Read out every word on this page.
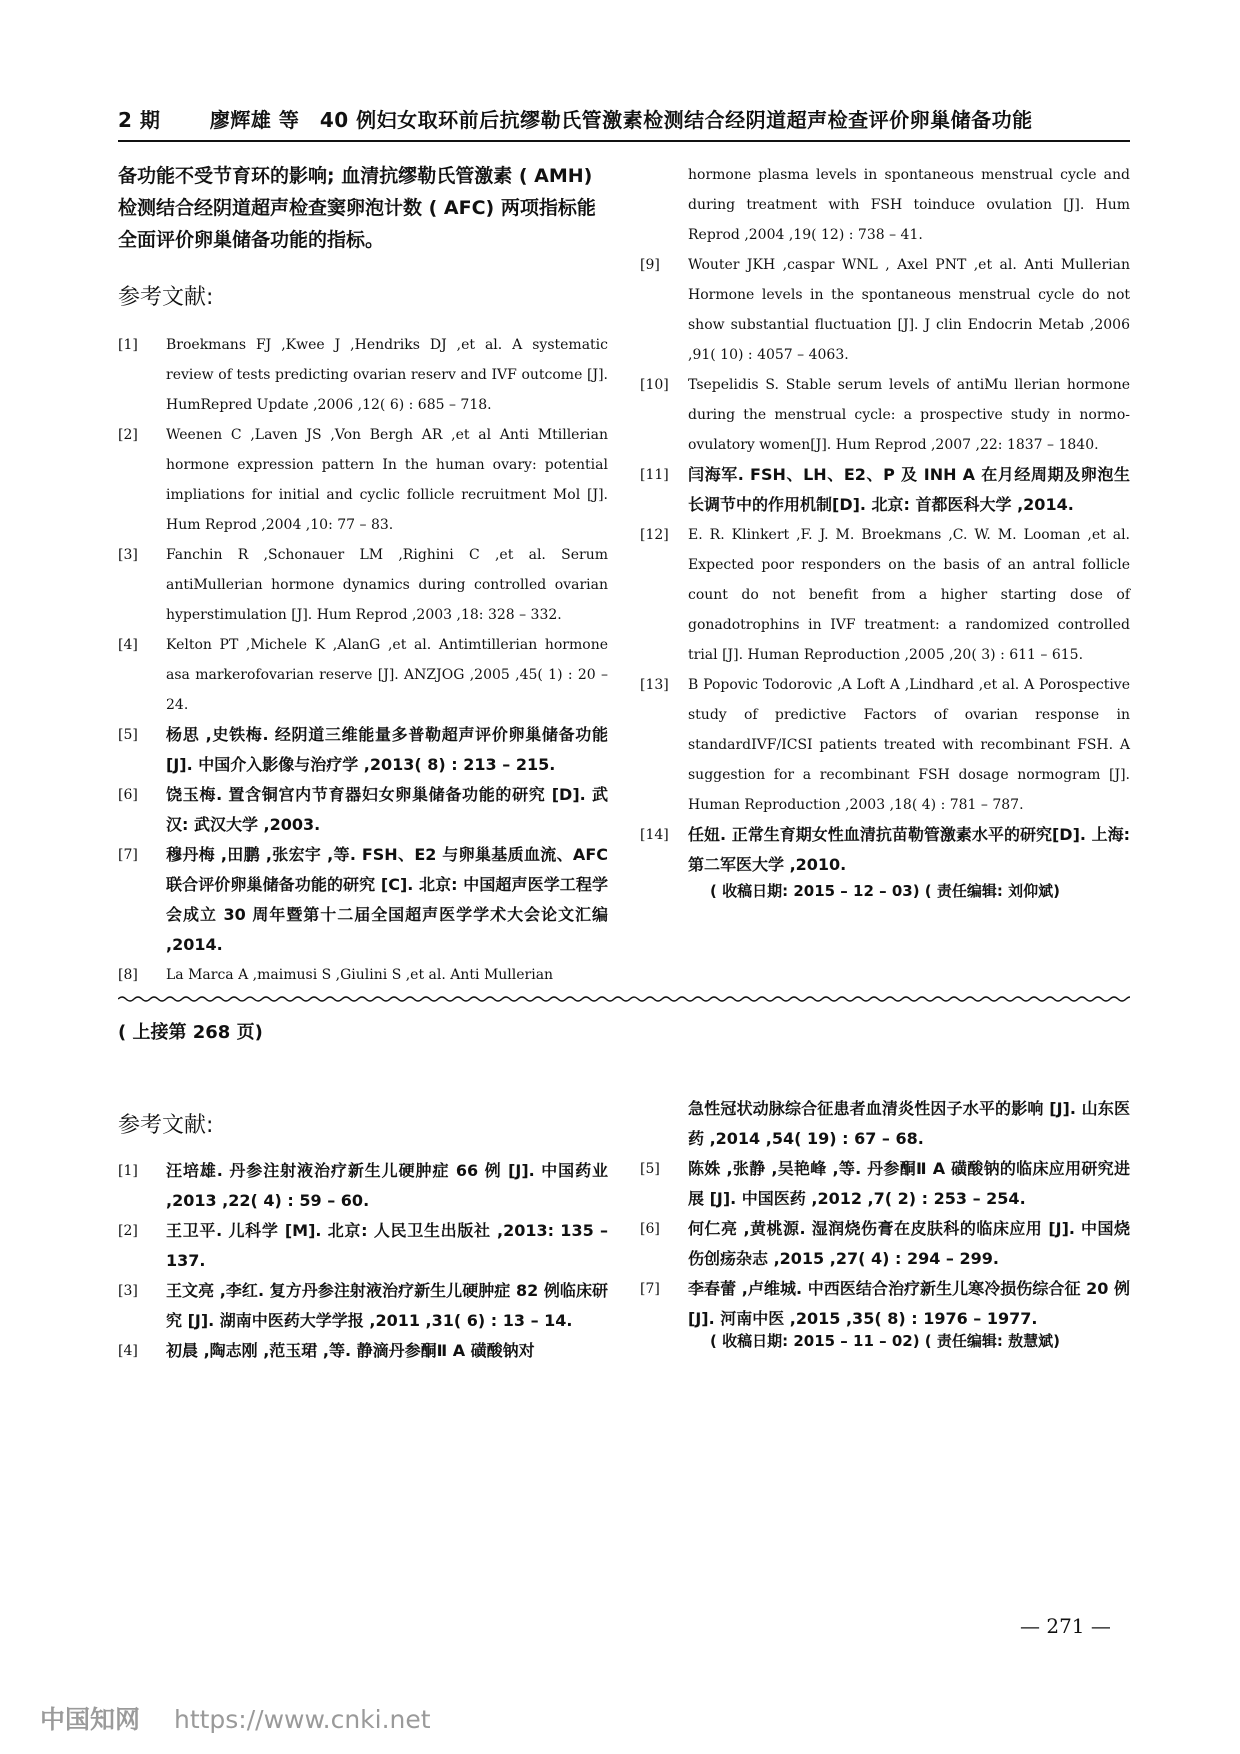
2 期 廖辉雄 等　40 例妇女取环前后抗缪勒氏管激素检测结合经阴道超声检查评价卵巢储备功能
备功能不受节育环的影响; 血清抗缪勒氏管激素 ( AMH) 检测结合经阴道超声检查窦卵泡计数 ( AFC) 两项指标能全面评价卵巢储备功能的指标。
参考文献:
[1]	Broekmans FJ ,Kwee J ,Hendriks DJ ,et al. A systematic review of tests predicting ovarian reserv and IVF outcome [J]. HumRepred Update ,2006 ,12( 6) : 685 – 718.
[2]	Weenen C ,Laven JS ,Von Bergh AR ,et al Anti Mtillerian hormone expression pattern In the human ovary: potential impliations for initial and cyclic follicle recruitment Mol [J]. Hum Reprod ,2004 ,10: 77 – 83.
[3]	Fanchin R ,Schonauer LM ,Righini C ,et al. Serum antiMullerian hormone dynamics during controlled ovarian hyperstimulation [J]. Hum Reprod ,2003 ,18: 328 – 332.
[4]	Kelton PT ,Michele K ,AlanG ,et al. Antimtillerian hormone asa markerofovarian reserve [J]. ANZJOG ,2005 ,45( 1) : 20 – 24.
[5]	杨思 ,史铁梅. 经阴道三维能量多普勒超声评价卵巢储备功能[J]. 中国介入影像与治疗学 ,2013( 8) : 213 – 215.
[6]	饶玉梅. 置含铜宫内节育器妇女卵巢储备功能的研究 [D]. 武汉: 武汉大学 ,2003.
[7]	穆丹梅 ,田鹏 ,张宏宇 ,等. FSH、E2 与卵巢基质血流、AFC 联合评价卵巢储备功能的研究 [C]. 北京: 中国超声医学工程学会成立 30 周年暨第十二届全国超声医学学术大会论文汇编 ,2014.
[8]	La Marca A ,maimusi S ,Giulini S ,et al. Anti Mullerian
hormone plasma levels in spontaneous menstrual cycle and during treatment with FSH toinduce ovulation [J]. Hum Reprod ,2004 ,19( 12) : 738 – 41.
[9]	Wouter JKH ,caspar WNL , Axel PNT ,et al. Anti Mullerian Hormone levels in the spontaneous menstrual cycle do not show substantial fluctuation [J]. J clin Endocrin Metab ,2006 ,91( 10) : 4057 – 4063.
[10]	Tsepelidis S. Stable serum levels of antiMu llerian hormone during the menstrual cycle: a prospective study in normo-ovulatory women[J]. Hum Reprod ,2007 ,22: 1837 – 1840.
[11]	闫海军. FSH、LH、E2、P 及 INH A 在月经周期及卵泡生长调节中的作用机制[D]. 北京: 首都医科大学 ,2014.
[12]	E. R. Klinkert ,F. J. M. Broekmans ,C. W. M. Looman ,et al. Expected poor responders on the basis of an antral follicle count do not benefit from a higher starting dose of gonadotrophins in IVF treatment: a randomized controlled trial [J]. Human Reproduction ,2005 ,20( 3) : 611 – 615.
[13]	B Popovic Todorovic ,A Loft A ,Lindhard ,et al. A Porospective study of predictive Factors of ovarian response in standardIVF/ICSI patients treated with recombinant FSH. A suggestion for a recombinant FSH dosage normogram [J]. Human Reproduction ,2003 ,18( 4) : 781 – 787.
[14]	任妞. 正常生育期女性血清抗苗勒管激素水平的研究[D]. 上海: 第二军医大学 ,2010.
( 收稿日期: 2015 – 12 – 03) ( 责任编辑: 刘仰斌)
( 上接第 268 页)
参考文献:
[1]	汪培雄. 丹参注射液治疗新生儿硬肿症 66 例 [J]. 中国药业 ,2013 ,22( 4) : 59 – 60.
[2]	王卫平. 儿科学 [M]. 北京: 人民卫生出版社 ,2013: 135 – 137.
[3]	王文亮 ,李红. 复方丹参注射液治疗新生儿硬肿症 82 例临床研究 [J]. 湖南中医药大学学报 ,2011 ,31( 6) : 13 – 14.
[4]	初晨 ,陶志刚 ,范玉珺 ,等. 静滴丹参酮Ⅱ A 磺酸钠对
急性冠状动脉综合征患者血清炎性因子水平的影响 [J]. 山东医药 ,2014 ,54( 19) : 67 – 68.
[5]	陈姝 ,张静 ,吴艳峰 ,等. 丹参酮Ⅱ A 磺酸钠的临床应用研究进展 [J]. 中国医药 ,2012 ,7( 2) : 253 – 254.
[6]	何仁亮 ,黄桃源. 湿润烧伤膏在皮肤科的临床应用 [J]. 中国烧伤创疡杂志 ,2015 ,27( 4) : 294 – 299.
[7]	李春蕾 ,卢维城. 中西医结合治疗新生儿寒冷损伤综合征 20 例 [J]. 河南中医 ,2015 ,35( 8) : 1976 – 1977.
( 收稿日期: 2015 – 11 – 02) ( 责任编辑: 敖慧斌)
— 271 —
中国知网 https://www.cnki.net
